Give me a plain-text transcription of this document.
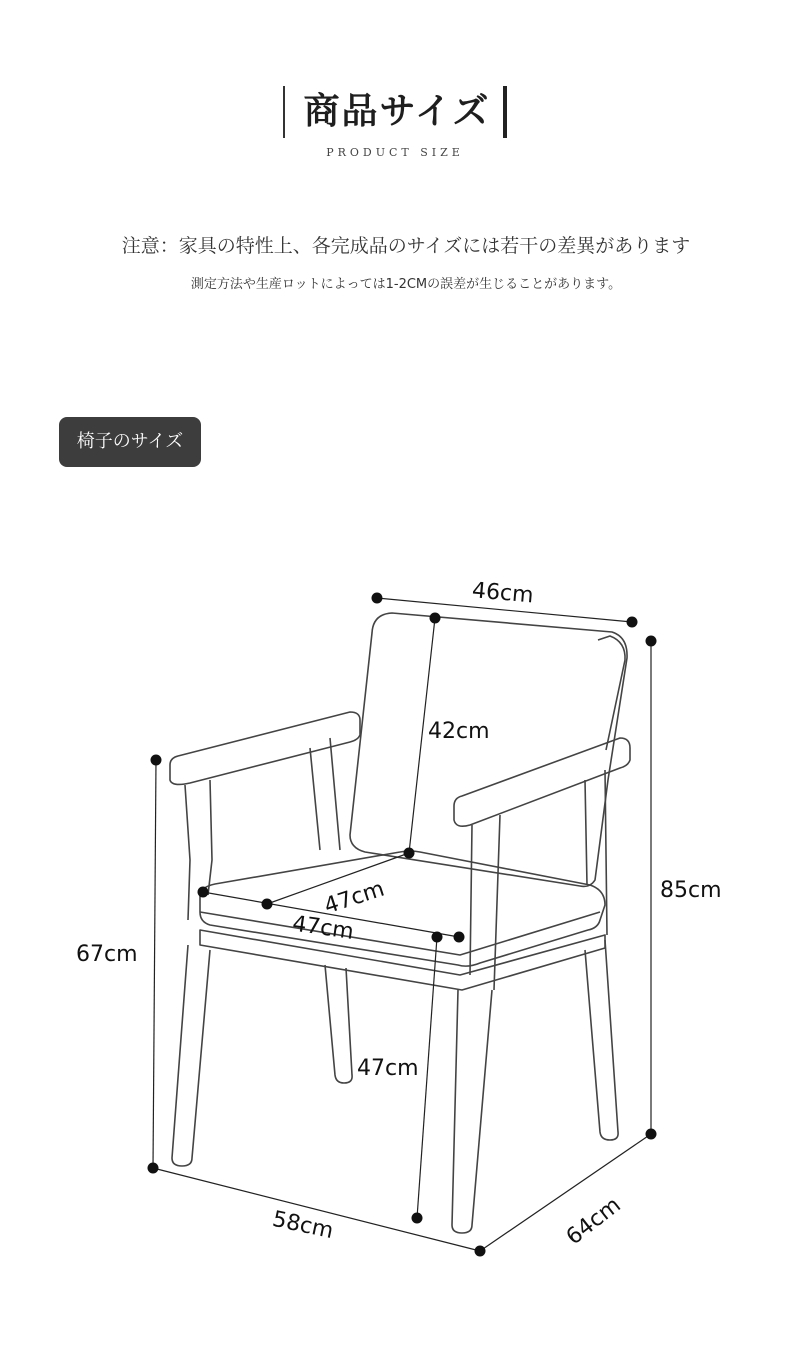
商品サイズ
PRODUCT SIZE
注意：家具の特性上、各完成品のサイズには若干の差異があります
測定方法や生産ロットによっては1-2CMの誤差が生じることがあります。
椅子のサイズ
46cm
42cm
85cm
47cm
47cm
67cm
47cm
58cm	64cm
